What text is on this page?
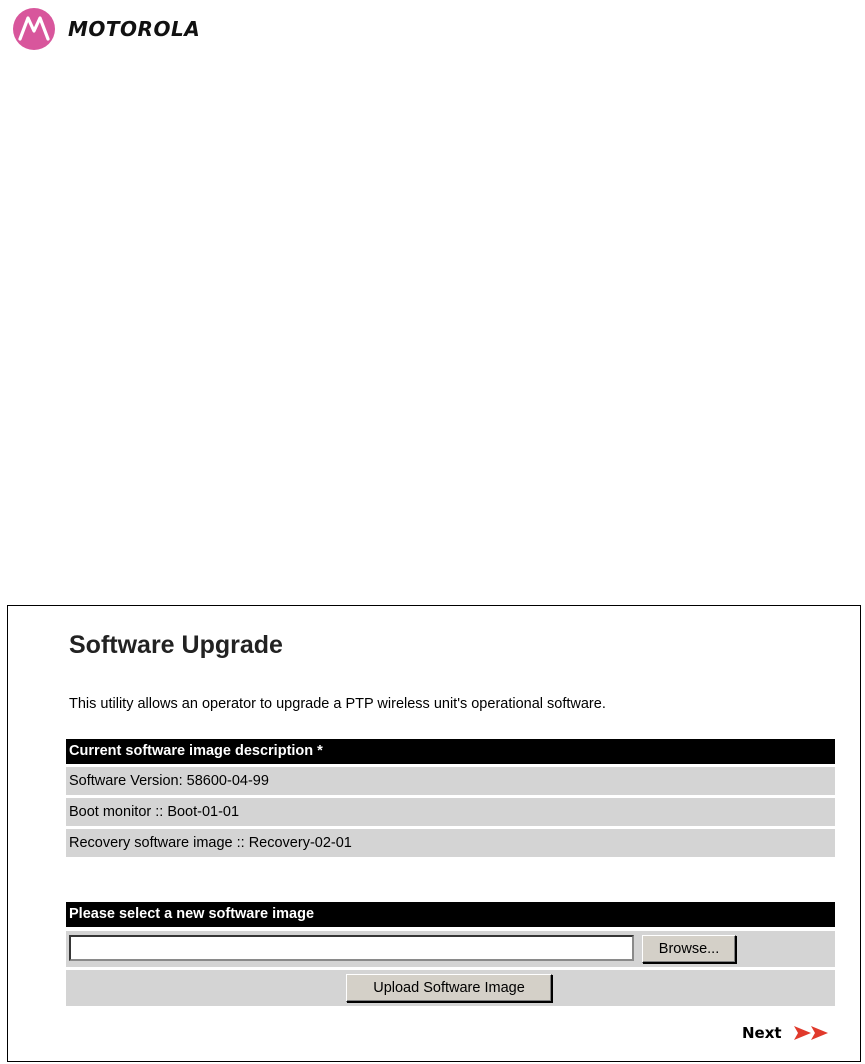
MOTOROLA
Software Upgrade
This utility allows an operator to upgrade a PTP wireless unit's operational software.
Current software image description *
Software Version: 58600-04-99
Boot monitor :: Boot-01-01
Recovery software image :: Recovery-02-01
Please select a new software image
Browse...
Upload Software Image
Next
